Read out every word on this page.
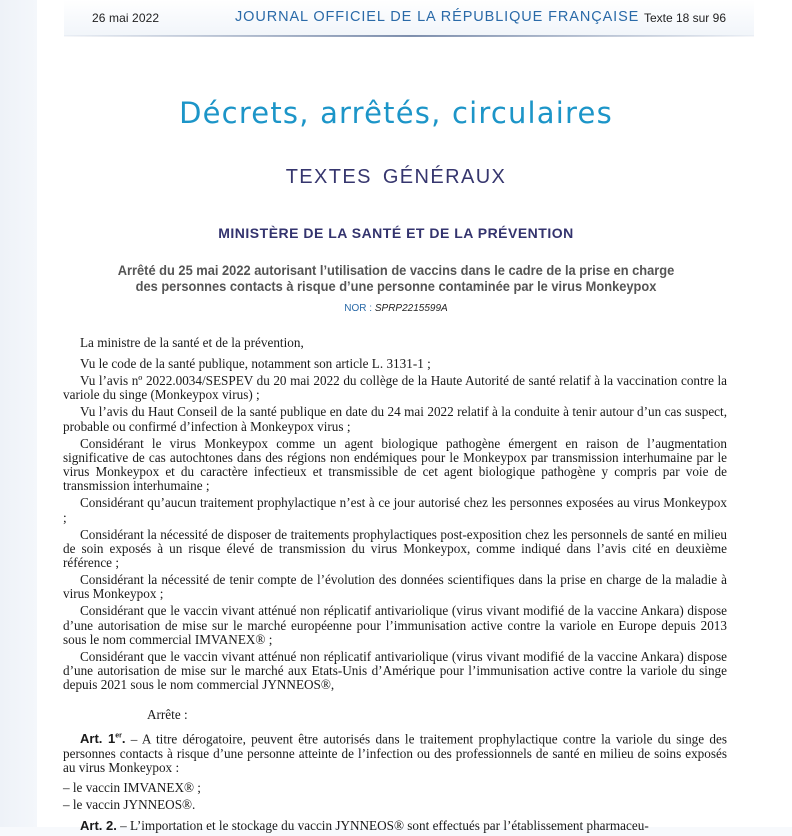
26 mai 2022	JOURNAL OFFICIEL DE LA RÉPUBLIQUE FRANÇAISE Texte 18 sur 96
Décrets, arrêtés, circulaires
TEXTES GÉNÉRAUX
MINISTÈRE DE LA SANTÉ ET DE LA PRÉVENTION
Arrêté du 25 mai 2022 autorisant l’utilisation de vaccins dans le cadre de la prise en charge
des personnes contacts à risque d’une personne contaminée par le virus Monkeypox
NOR : SPRP2215599A

La ministre de la santé et de la prévention,

Vu le code de la santé publique, notamment son article L. 3131-1 ;

Vu l’avis nº 2022.0034/SESPEV du 20 mai 2022 du collège de la Haute Autorité de santé relatif à la vaccination contre la variole du singe (Monkeypox virus) ;

Vu l’avis du Haut Conseil de la santé publique en date du 24 mai 2022 relatif à la conduite à tenir autour d’un cas suspect, probable ou confirmé d’infection à Monkeypox virus ;

Considérant le virus Monkeypox comme un agent biologique pathogène émergent en raison de l’augmentation significative de cas autochtones dans des régions non endémiques pour le Monkeypox par transmission interhumaine par le virus Monkeypox et du caractère infectieux et transmissible de cet agent biologique pathogène y compris par voie de transmission interhumaine ;

Considérant qu’aucun traitement prophylactique n’est à ce jour autorisé chez les personnes exposées au virus Monkeypox ;

Considérant la nécessité de disposer de traitements prophylactiques post-exposition chez les personnels de santé en milieu de soin exposés à un risque élevé de transmission du virus Monkeypox, comme indiqué dans l’avis cité en deuxième référence ;

Considérant la nécessité de tenir compte de l’évolution des données scientifiques dans la prise en charge de la maladie à virus Monkeypox ;

Considérant que le vaccin vivant atténué non réplicatif antivariolique (virus vivant modifié de la vaccine Ankara) dispose d’une autorisation de mise sur le marché européenne pour l’immunisation active contre la variole en Europe depuis 2013 sous le nom commercial IMVANEX® ;

Considérant que le vaccin vivant atténué non réplicatif antivariolique (virus vivant modifié de la vaccine Ankara) dispose d’une autorisation de mise sur le marché aux Etats-Unis d’Amérique pour l’immunisation active contre la variole du singe depuis 2021 sous le nom commercial JYNNEOS®,

Arrête :

Art. 1er. – A titre dérogatoire, peuvent être autorisés dans le traitement prophylactique contre la variole du singe des personnes contacts à risque d’une personne atteinte de l’infection ou des professionnels de santé en milieu de soins exposés au virus Monkeypox :

– le vaccin IMVANEX® ;

– le vaccin JYNNEOS®.

Art. 2. – L’importation et le stockage du vaccin JYNNEOS® sont effectués par l’établissement pharmaceu-
